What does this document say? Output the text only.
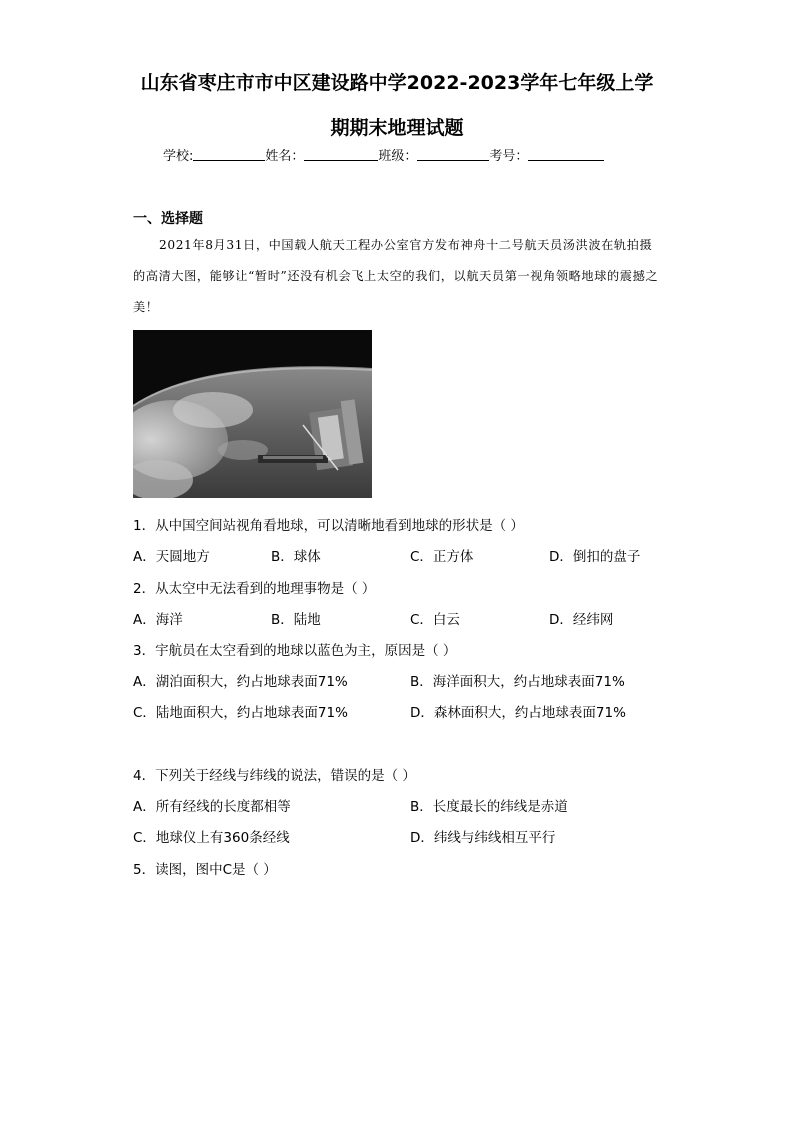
山东省枣庄市市中区建设路中学2022-2023学年七年级上学
期期末地理试题
学校:	姓名：	班级：	考号：
一、选择题
2021年8月31日，中国载人航天工程办公室官方发布神舟十二号航天员汤洪波在轨拍摄的高清大图，能够让“暂时”还没有机会飞上太空的我们，以航天员第一视角领略地球的震撼之美！
1．从中国空间站视角看地球，可以清晰地看到地球的形状是（ ）
A．天圆地方	B．球体	C．正方体	D．倒扣的盘子
2．从太空中无法看到的地理事物是（ ）
A．海洋	B．陆地	C．白云	D．经纬网
3．宇航员在太空看到的地球以蓝色为主，原因是（ ）
A．湖泊面积大，约占地球表面71%	B．海洋面积大，约占地球表面71%
C．陆地面积大，约占地球表面71%	D．森林面积大，约占地球表面71%
4．下列关于经线与纬线的说法，错误的是（ ）
A．所有经线的长度都相等	B．长度最长的纬线是赤道
C．地球仪上有360条经线	D．纬线与纬线相互平行
5．读图，图中C是（ ）
